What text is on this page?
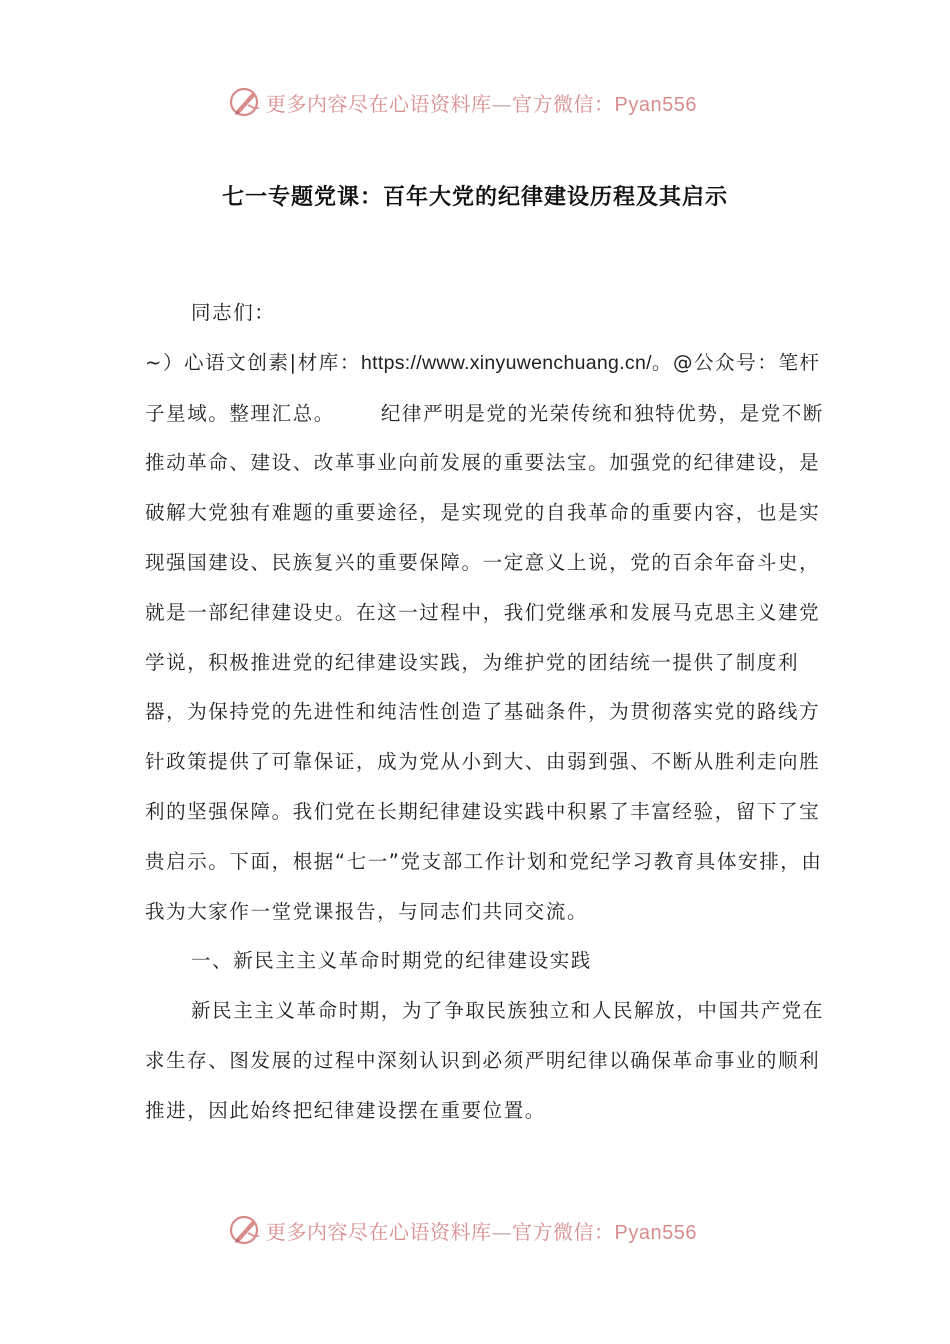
更多内容尽在心语资料库—官方微信：Pyan556
七一专题党课：百年大党的纪律建设历程及其启示

同志们：

~）心语文创素|材库：https://www.xinyuwenchuang.cn/。@公众号：笔杆子星域。整理汇总。 纪律严明是党的光荣传统和独特优势，是党不断推动革命、建设、改革事业向前发展的重要法宝。加强党的纪律建设，是破解大党独有难题的重要途径，是实现党的自我革命的重要内容，也是实现强国建设、民族复兴的重要保障。一定意义上说，党的百余年奋斗史，就是一部纪律建设史。在这一过程中，我们党继承和发展马克思主义建党学说，积极推进党的纪律建设实践，为维护党的团结统一提供了制度利器，为保持党的先进性和纯洁性创造了基础条件，为贯彻落实党的路线方针政策提供了可靠保证，成为党从小到大、由弱到强、不断从胜利走向胜利的坚强保障。我们党在长期纪律建设实践中积累了丰富经验，留下了宝贵启示。下面，根据“七一”党支部工作计划和党纪学习教育具体安排，由我为大家作一堂党课报告，与同志们共同交流。

一、新民主主义革命时期党的纪律建设实践

新民主主义革命时期，为了争取民族独立和人民解放，中国共产党在求生存、图发展的过程中深刻认识到必须严明纪律以确保革命事业的顺利推进，因此始终把纪律建设摆在重要位置。

更多内容尽在心语资料库—官方微信：Pyan556
